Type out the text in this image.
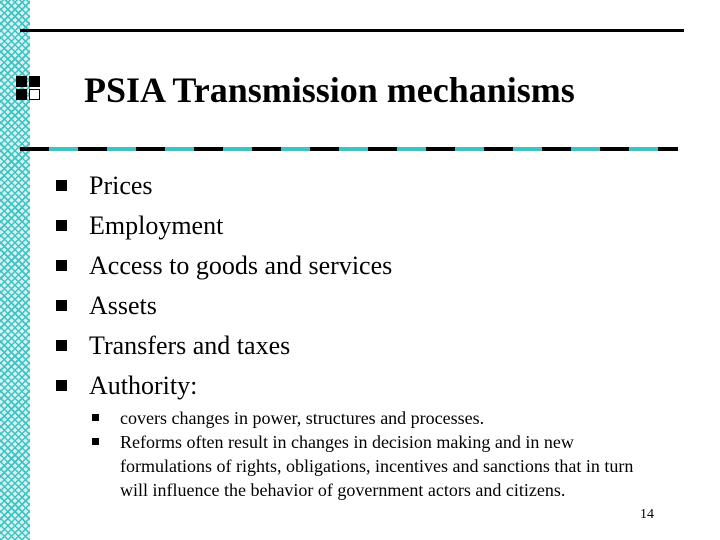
PSIA Transmission mechanisms
Prices
Employment
Access to goods and services
Assets
Transfers and taxes
Authority:
covers changes in power, structures and processes.
Reforms often result in changes in decision making and in new formulations of rights, obligations, incentives and sanctions that in turn will influence the behavior of government actors and citizens.
14
